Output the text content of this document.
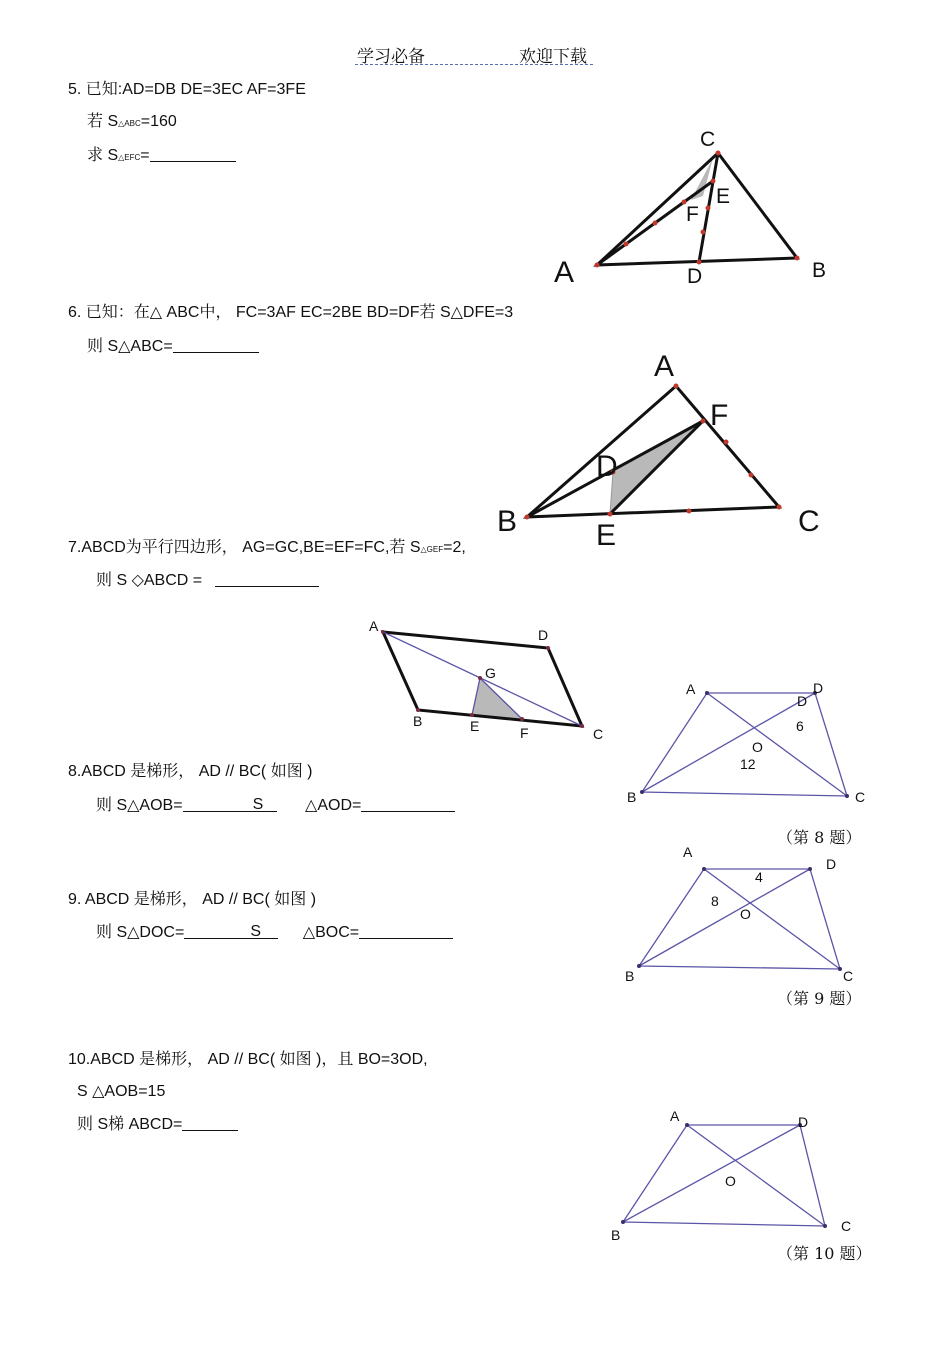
学习必备	欢迎下载
5. 已知:AD=DB DE=3EC AF=3FE
若 S△ABC=160
求 S△EFC=
6. 已知：在△ ABC中， FC=3AF EC=2BE BD=DF若 S△DFE=3
则 S△ABC=
7.ABCD为平行四边形， AG=GC,BE=EF=FC,若 S△GEF=2,
则 S ◇ABCD =
8.ABCD 是梯形， AD // BC( 如图 )
则 S△AOB=	S	△AOD=
（第 8 题）
9. ABCD 是梯形， AD // BC( 如图 )
则 S△DOC=	S	△BOC=
（第 9 题）
10.ABCD 是梯形， AD // BC( 如图 )，且 BO=3OD,
S △AOB=15
则 S梯 ABCD=
（第 10 题）
A	B
C
D
E
F
A
B	C
D
E
F
A
D
C
B
G
E	F
A	D
D
6
O
12
B	C
A
D
4
8
O
B	C
A	D
O
B
C
